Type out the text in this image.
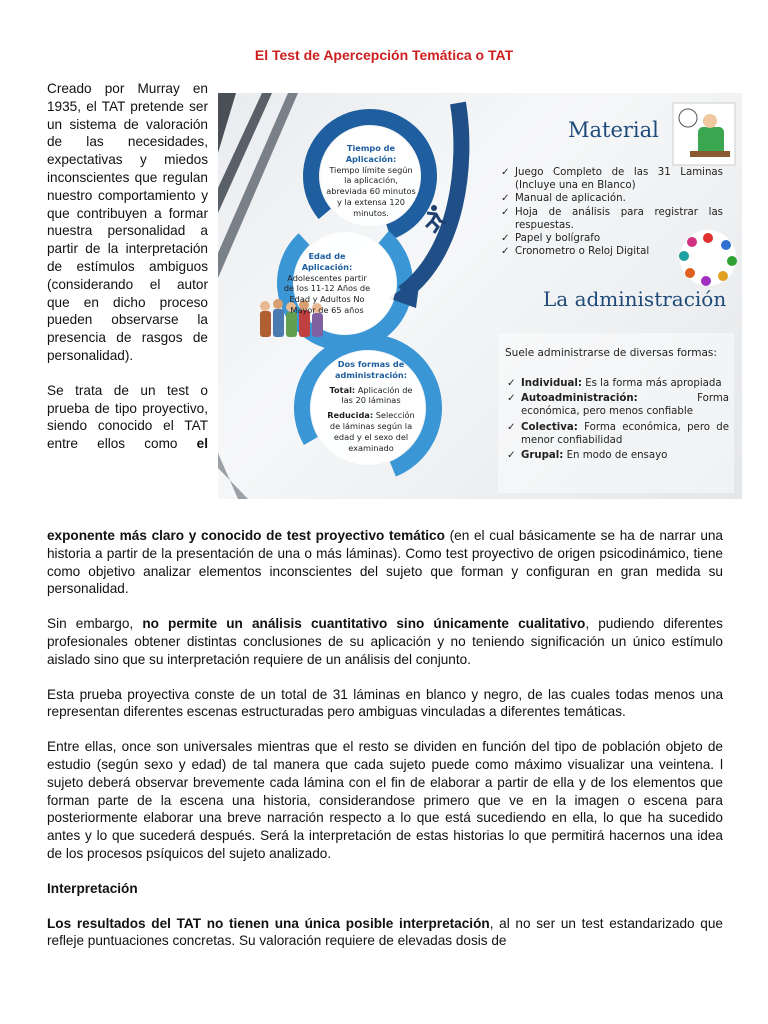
El Test de Apercepción Temática o TAT

Creado por Murray en 1935, el TAT pretende ser un sistema de valoración de las necesidades, expectativas y miedos inconscientes que regulan nuestro comportamiento y que contribuyen a formar nuestra personalidad a partir de la interpretación de estímulos ambiguos (considerando el autor que en dicho proceso pueden observarse la presencia de rasgos de personalidad).

Se trata de un test o prueba de tipo proyectivo, siendo conocido el TAT entre ellos como el

Tiempo de Aplicación:
Tiempo límite según la aplicación, abreviada 60 minutos y la extensa 120 minutos.
Edad de Aplicación:
Adolescentes partir de los 11-12 Años de Edad y Adultos No Mayor de 65 años
Dos formas de administración:
Total: Aplicación de las 20 láminas
Reducida: Selección de láminas según la edad y el sexo del examinado
Material
✓ Juego Completo de las 31 Laminas (Incluye una en Blanco)
✓ Manual de aplicación.
✓ Hoja de análisis para registrar las respuestas.
✓ Papel y bolígrafo
✓ Cronometro o Reloj Digital
La administración
Suele administrarse de diversas formas:
✓ Individual: Es la forma más apropiada
✓ Autoadministración:	Forma económica, pero menos confiable
✓ Colectiva: Forma económica, pero de menor confiabilidad
✓ Grupal: En modo de ensayo

exponente más claro y conocido de test proyectivo temático (en el cual básicamente se ha de narrar una historia a partir de la presentación de una o más láminas). Como test proyectivo de origen psicodinámico, tiene como objetivo analizar elementos inconscientes del sujeto que forman y configuran en gran medida su personalidad.

Sin embargo, no permite un análisis cuantitativo sino únicamente cualitativo, pudiendo diferentes profesionales obtener distintas conclusiones de su aplicación y no teniendo significación un único estímulo aislado sino que su interpretación requiere de un análisis del conjunto.

Esta prueba proyectiva conste de un total de 31 láminas en blanco y negro, de las cuales todas menos una representan diferentes escenas estructuradas pero ambiguas vinculadas a diferentes temáticas.

Entre ellas, once son universales mientras que el resto se dividen en función del tipo de población objeto de estudio (según sexo y edad) de tal manera que cada sujeto puede como máximo visualizar una veintena. l sujeto deberá observar brevemente cada lámina con el fin de elaborar a partir de ella y de los elementos que forman parte de la escena una historia, considerandose primero que ve en la imagen o escena para posteriormente elaborar una breve narración respecto a lo que está sucediendo en ella, lo que ha sucedido antes y lo que sucederá después. Será la interpretación de estas historias lo que permitirá hacernos una idea de los procesos psíquicos del sujeto analizado.

Interpretación

Los resultados del TAT no tienen una única posible interpretación, al no ser un test estandarizado que refleje puntuaciones concretas. Su valoración requiere de elevadas dosis de
